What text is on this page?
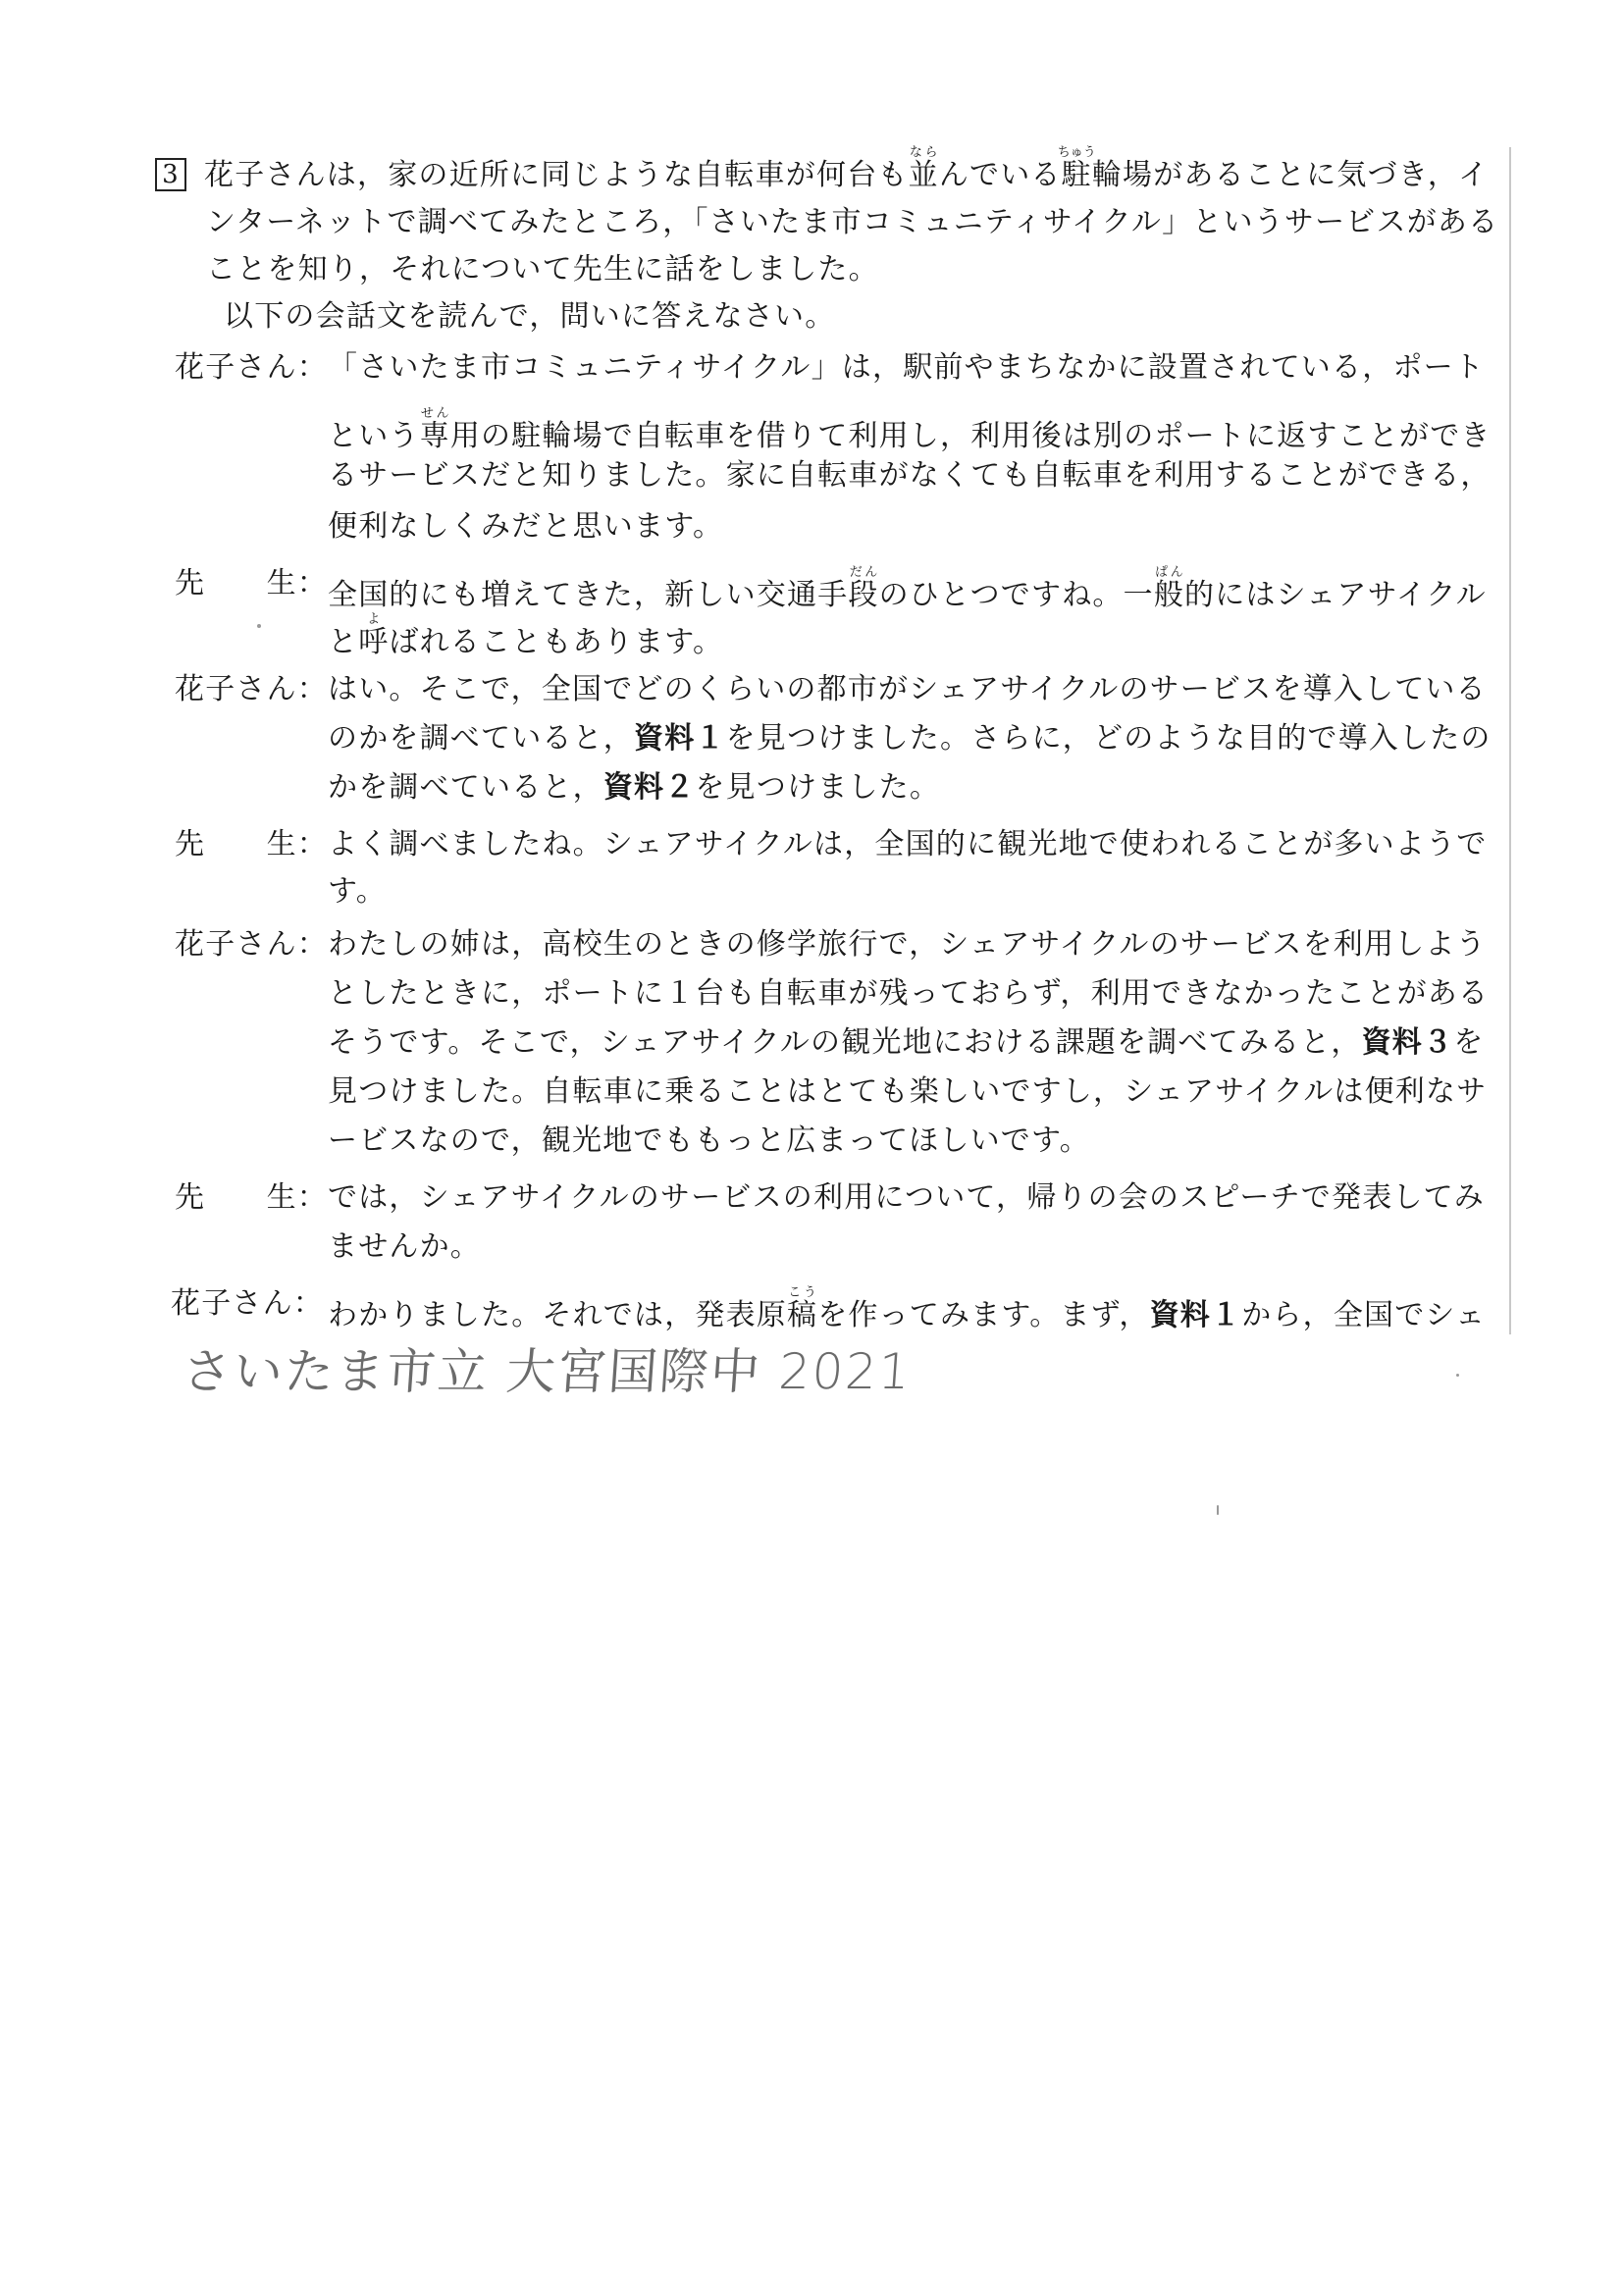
3 花子さんは，家の近所に同じような自転車が何台も並ならんでいる駐ちゅう輪場があることに気づき，イ
ンターネットで調べてみたところ，「さいたま市コミュニティサイクル」というサービスがある
ことを知り，それについて先生に話をしました。
以下の会話文を読んで，問いに答えなさい。
花子さん： 「さいたま市コミュニティサイクル」は，駅前やまちなかに設置されている，ポート
という専せん用の駐輪場で自転車を借りて利用し，利用後は別のポートに返すことができ
るサービスだと知りました。家に自転車がなくても自転車を利用することができる，
便利なしくみだと思います。
先　　生： 全国的にも増えてきた，新しい交通手段だんのひとつですね。一般ぱん的にはシェアサイクル
と呼よばれることもあります。
花子さん： はい。そこで，全国でどのくらいの都市がシェアサイクルのサービスを導入している
のかを調べていると，資料１を見つけました。さらに，どのような目的で導入したの
かを調べていると，資料２を見つけました。
先　　生： よく調べましたね。シェアサイクルは，全国的に観光地で使われることが多いようで
す。
花子さん： わたしの姉は，高校生のときの修学旅行で，シェアサイクルのサービスを利用しよう
としたときに，ポートに１台も自転車が残っておらず，利用できなかったことがある
そうです。そこで，シェアサイクルの観光地における課題を調べてみると，資料３を
見つけました。自転車に乗ることはとても楽しいですし，シェアサイクルは便利なサ
ービスなので，観光地でももっと広まってほしいです。
先　　生： では，シェアサイクルのサービスの利用について，帰りの会のスピーチで発表してみ
ませんか。
花子さん： わかりました。それでは，発表原稿こうを作ってみます。まず，資料１から，全国でシェ
さいたま市立 大宮国際中 2021
